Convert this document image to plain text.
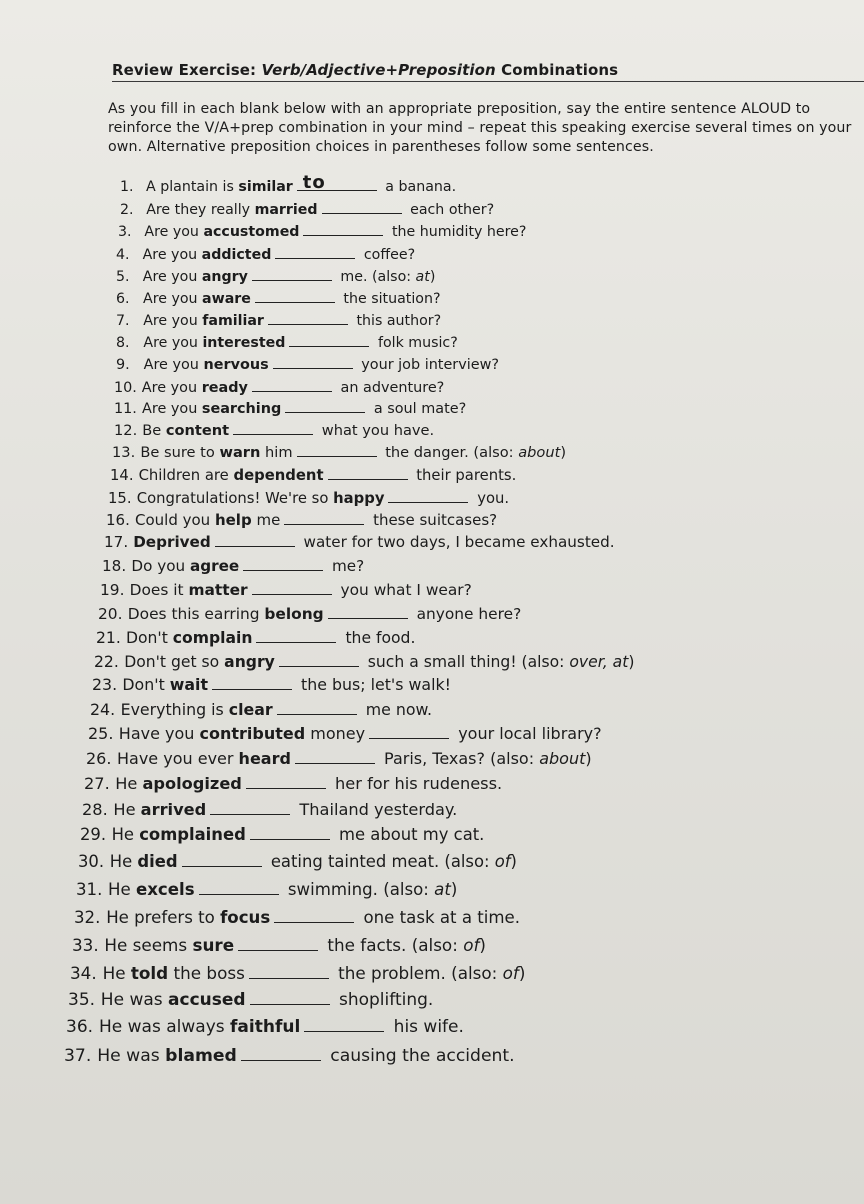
Review Exercise: Verb/Adjective+Preposition Combinations
As you fill in each blank below with an appropriate preposition, say the entire sentence ALOUD to reinforce the V/A+prep combination in your mind – repeat this speaking exercise several times on your own. Alternative preposition choices in parentheses follow some sentences.
1. A plantain is similar to	a banana.
2. Are they really married	each other?
3. Are you accustomed	the humidity here?
4. Are you addicted	coffee?
5. Are you angry	me. (also: at)
6. Are you aware	the situation?
7. Are you familiar	this author?
8. Are you interested	folk music?
9. Are you nervous	your job interview?
10. Are you ready	an adventure?
11. Are you searching	a soul mate?
12. Be content	what you have.
13. Be sure to warn him	the danger. (also: about)
14. Children are dependent	their parents.
15. Congratulations! We're so happy	you.
16. Could you help me	these suitcases?
17. Deprived	water for two days, I became exhausted.
18. Do you agree	me?
19. Does it matter	you what I wear?
20. Does this earring belong	anyone here?
21. Don't complain	the food.
22. Don't get so angry	such a small thing! (also: over, at)
23. Don't wait	the bus; let's walk!
24. Everything is clear	me now.
25. Have you contributed money	your local library?
26. Have you ever heard	Paris, Texas? (also: about)
27. He apologized	her for his rudeness.
28. He arrived	Thailand yesterday.
29. He complained	me about my cat.
30. He died	eating tainted meat. (also: of)
31. He excels	swimming. (also: at)
32. He prefers to focus	one task at a time.
33. He seems sure	the facts. (also: of)
34. He told the boss	the problem. (also: of)
35. He was accused	shoplifting.
36. He was always faithful	his wife.
37. He was blamed	causing the accident.
